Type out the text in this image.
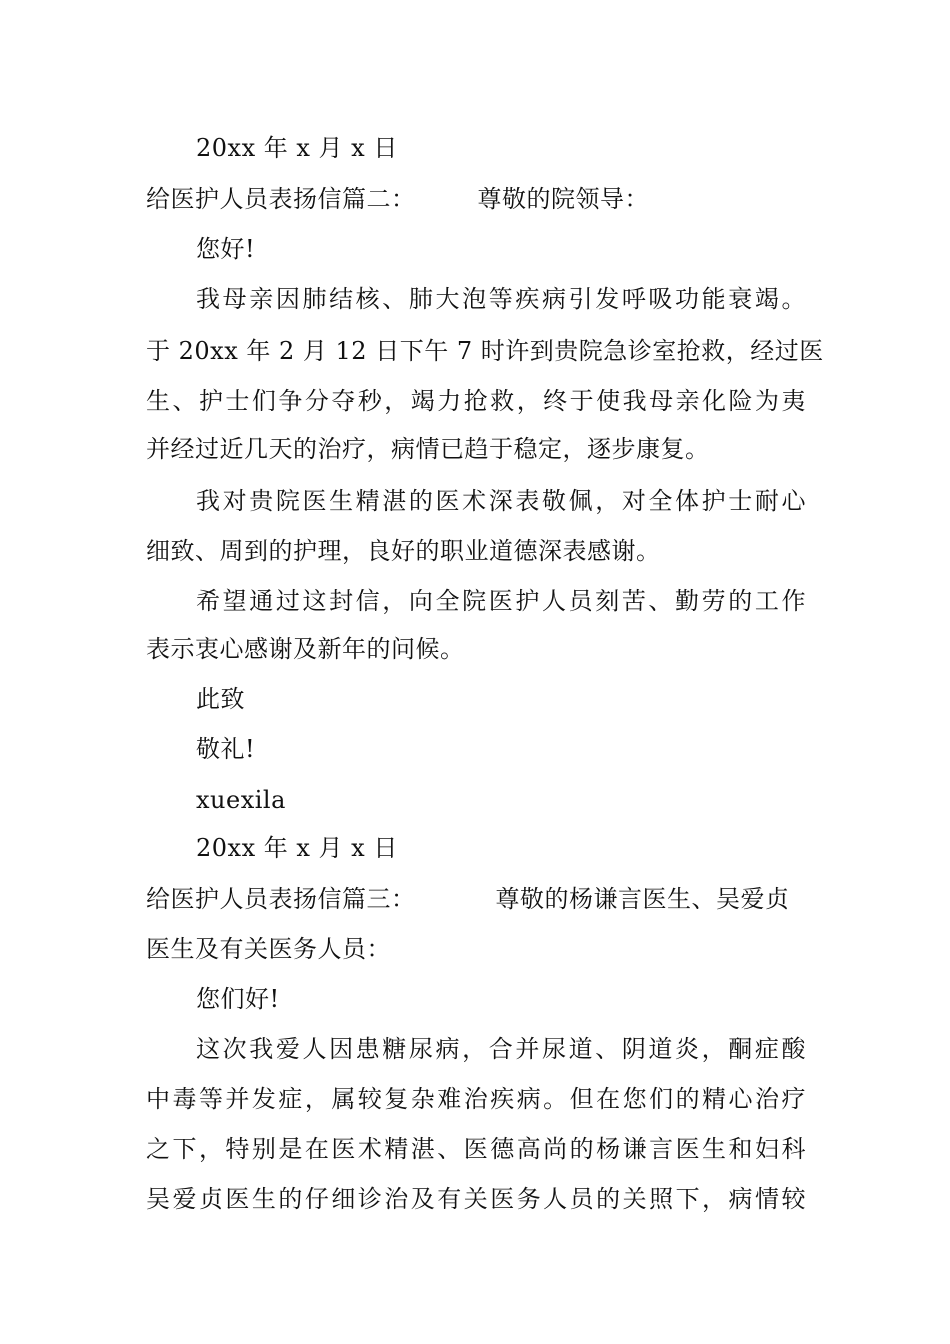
20xx 年 x 月 x 日
给医护人员表扬信篇二：	尊敬的院领导：
您好!
我母亲因肺结核、肺大泡等疾病引发呼吸功能衰竭。
于 20xx 年 2 月 12 日下午 7 时许到贵院急诊室抢救，经过医
生、护士们争分夺秒，竭力抢救，终于使我母亲化险为夷
并经过近几天的治疗，病情已趋于稳定，逐步康复。
我对贵院医生精湛的医术深表敬佩，对全体护士耐心
细致、周到的护理，良好的职业道德深表感谢。
希望通过这封信，向全院医护人员刻苦、勤劳的工作
表示衷心感谢及新年的问候。
此致
敬礼!
xuexila
20xx 年 x 月 x 日
给医护人员表扬信篇三：	尊敬的杨谦言医生、吴爱贞
医生及有关医务人员：
您们好!
这次我爱人因患糖尿病，合并尿道、阴道炎，酮症酸
中毒等并发症，属较复杂难治疾病。但在您们的精心治疗
之下，特别是在医术精湛、医德高尚的杨谦言医生和妇科
吴爱贞医生的仔细诊治及有关医务人员的关照下，病情较
